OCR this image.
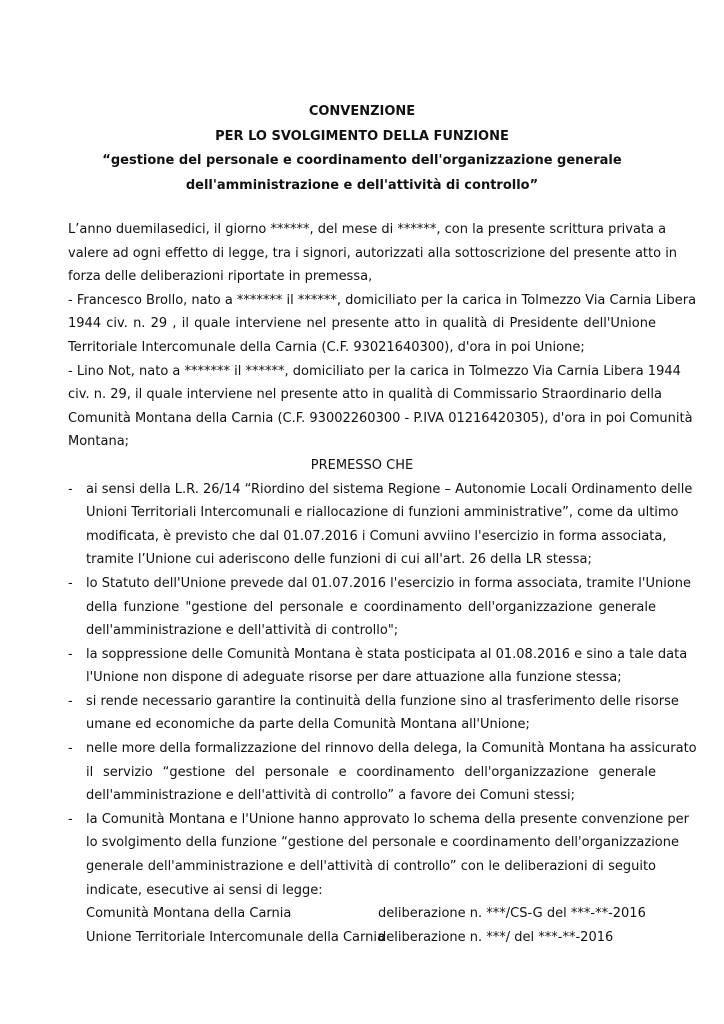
CONVENZIONE
PER LO SVOLGIMENTO DELLA FUNZIONE
“gestione del personale e coordinamento dell'organizzazione generale
dell'amministrazione e dell'attività di controllo”
L’anno duemilasedici, il giorno ******, del mese di ******, con la presente scrittura privata a
valere ad ogni effetto di legge, tra i signori, autorizzati alla sottoscrizione del presente atto in
forza delle deliberazioni riportate in premessa,
- Francesco Brollo, nato a ******* il ******, domiciliato per la carica in Tolmezzo Via Carnia Libera
1944 civ. n. 29 , il quale interviene nel presente atto in qualità di Presidente dell'Unione
Territoriale Intercomunale della Carnia (C.F. 93021640300), d'ora in poi Unione;
- Lino Not, nato a ******* il ******, domiciliato per la carica in Tolmezzo Via Carnia Libera 1944
civ. n. 29, il quale interviene nel presente atto in qualità di Commissario Straordinario della
Comunità Montana della Carnia (C.F. 93002260300 - P.IVA 01216420305), d'ora in poi Comunità
Montana;
PREMESSO CHE
- ai sensi della L.R. 26/14 “Riordino del sistema Regione – Autonomie Locali Ordinamento delle
Unioni Territoriali Intercomunali e riallocazione di funzioni amministrative”, come da ultimo
modificata, è previsto che dal 01.07.2016 i Comuni avviino l'esercizio in forma associata,
tramite l’Unione cui aderiscono delle funzioni di cui all'art. 26 della LR stessa;
- lo Statuto dell'Unione prevede dal 01.07.2016 l'esercizio in forma associata, tramite l'Unione
della funzione "gestione del personale e coordinamento dell'organizzazione generale
dell'amministrazione e dell'attività di controllo";
- la soppressione delle Comunità Montana è stata posticipata al 01.08.2016 e sino a tale data
l'Unione non dispone di adeguate risorse per dare attuazione alla funzione stessa;
- si rende necessario garantire la continuità della funzione sino al trasferimento delle risorse
umane ed economiche da parte della Comunità Montana all'Unione;
- nelle more della formalizzazione del rinnovo della delega, la Comunità Montana ha assicurato
il servizio “gestione del personale e coordinamento dell'organizzazione generale
dell'amministrazione e dell'attività di controllo” a favore dei Comuni stessi;
- la Comunità Montana e l'Unione hanno approvato lo schema della presente convenzione per
lo svolgimento della funzione “gestione del personale e coordinamento dell'organizzazione
generale dell'amministrazione e dell'attività di controllo” con le deliberazioni di seguito
indicate, esecutive ai sensi di legge:
Comunità Montana della Carnia	deliberazione n. ***/CS-G del ***-**-2016
Unione Territoriale Intercomunale della Carniadeliberazione n. ***/ del ***-**-2016
